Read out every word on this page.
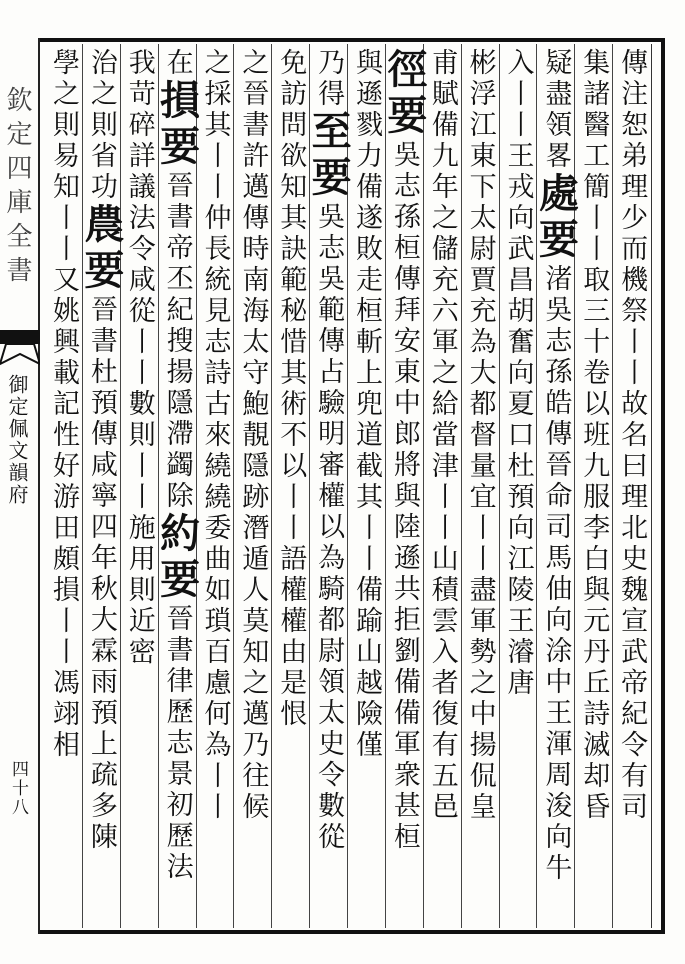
欽定四庫全書
御定佩文韻府
四十八	傳注恕弟理少而機祭丨丨故名曰理北史魏宣武帝紀令有司
集諸醫工簡丨丨取三十卷以班九服李白與元丹丘詩滅却昏
疑盡領畧處要渚吳志孫皓傳晉命司馬伷向涂中王渾周浚向牛
入丨丨王戎向武昌胡奮向夏口杜預向江陵王濬唐
彬浮江東下太尉賈充為大都督量宜丨丨盡軍勢之中揚侃皇
甫賦備九年之儲充六軍之給當津丨丨山積雲入者復有五邑
徑要吳志孫桓傳拜安東中郎將與陸遜共拒劉備備軍衆甚桓
與遜戮力備遂敗走桓斬上兜道截其丨丨備踰山越險僅
乃得至要吳志吳範傳占驗明審權以為騎都尉領太史令數從
免訪問欲知其訣範秘惜其術不以丨丨語權權由是恨
之晉書許邁傳時南海太守鮑靚隱跡潛遁人莫知之邁乃往候
之採其丨丨仲長統見志詩古來繞繞委曲如瑣百慮何為丨丨
在損要晉書帝丕紀搜揚隱滯蠲除約要晉書律歷志景初歷法
我苛碎詳議法令咸從丨丨數則丨丨施用則近密
治之則省功農要晉書杜預傳咸寧四年秋大霖雨預上疏多陳
學之則易知丨丨又姚興載記性好游田頗損丨丨馮翊相
